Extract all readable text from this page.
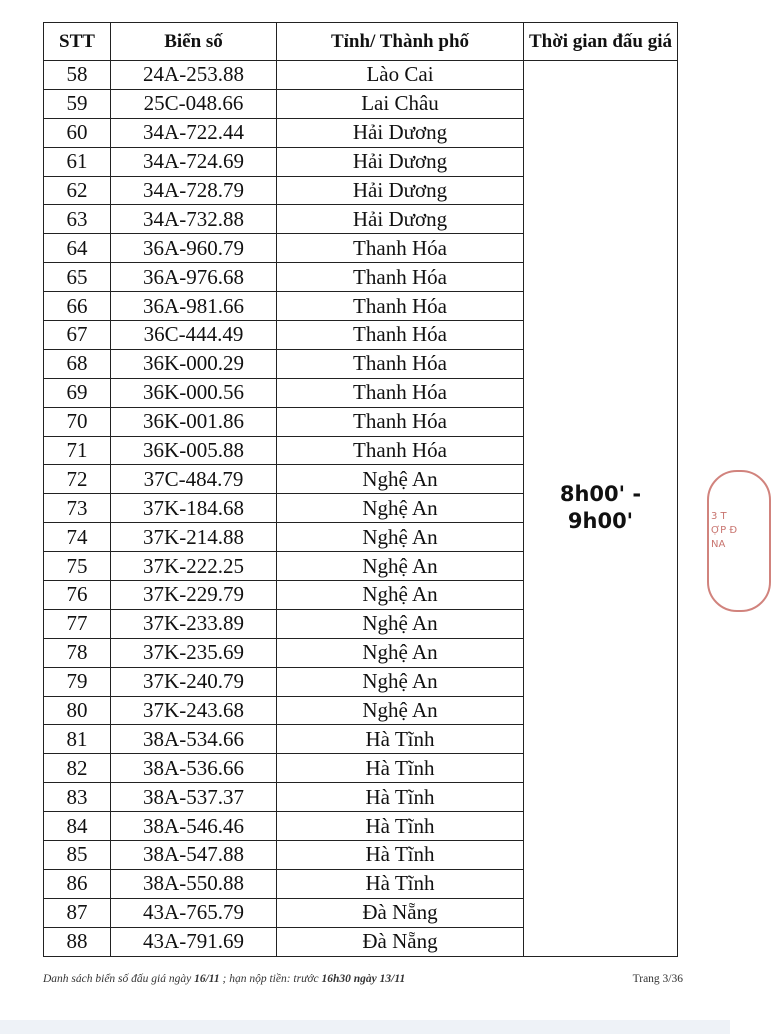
STT	Biển số	Tỉnh/ Thành phố	Thời gian đấu giá
58	24A-253.88	Lào Cai	8h00' - 9h00'
59	25C-048.66	Lai Châu	
60	34A-722.44	Hải Dương	
61	34A-724.69	Hải Dương	
62	34A-728.79	Hải Dương	
63	34A-732.88	Hải Dương	
64	36A-960.79	Thanh Hóa	
65	36A-976.68	Thanh Hóa	
66	36A-981.66	Thanh Hóa	
67	36C-444.49	Thanh Hóa	
68	36K-000.29	Thanh Hóa	
69	36K-000.56	Thanh Hóa	
70	36K-001.86	Thanh Hóa	
71	36K-005.88	Thanh Hóa	
72	37C-484.79	Nghệ An	
73	37K-184.68	Nghệ An	
74	37K-214.88	Nghệ An	
75	37K-222.25	Nghệ An	
76	37K-229.79	Nghệ An	
77	37K-233.89	Nghệ An	
78	37K-235.69	Nghệ An	
79	37K-240.79	Nghệ An	
80	37K-243.68	Nghệ An	
81	38A-534.66	Hà Tĩnh	
82	38A-536.66	Hà Tĩnh	
83	38A-537.37	Hà Tĩnh	
84	38A-546.46	Hà Tĩnh	
85	38A-547.88	Hà Tĩnh	
86	38A-550.88	Hà Tĩnh	
87	43A-765.79	Đà Nẵng	
88	43A-791.69	Đà Nẵng	
Danh sách biển số đấu giá ngày 16/11 ; hạn nộp tiền: trước 16h30 ngày 13/11	Trang 3/36
3 T
ỢP Đ
NA
